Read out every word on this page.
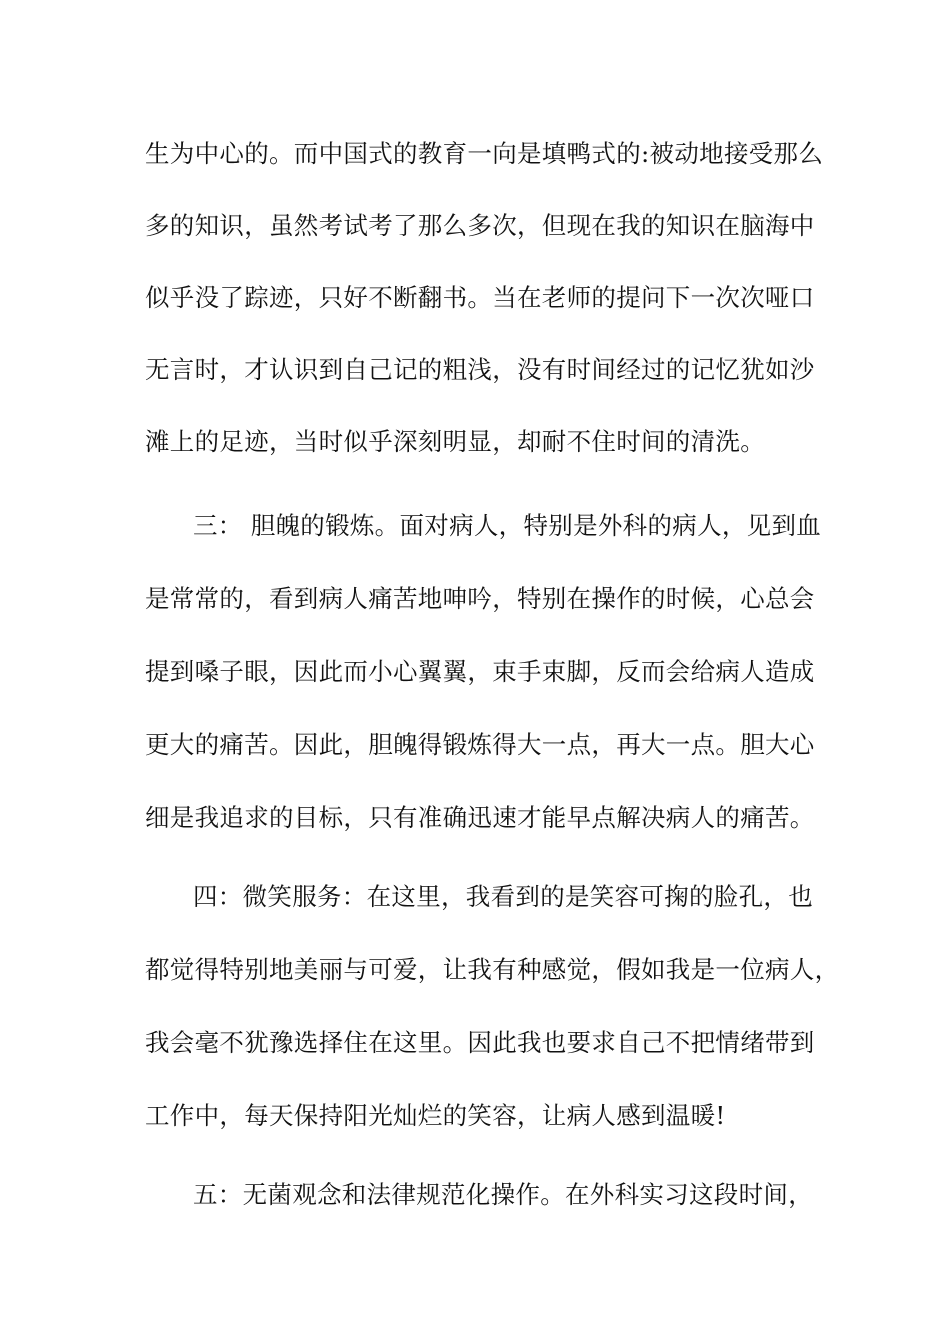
生为中心的。而中国式的教育一向是填鸭式的:被动地接受那么
多的知识，虽然考试考了那么多次，但现在我的知识在脑海中
似乎没了踪迹，只好不断翻书。当在老师的提问下一次次哑口
无言时，才认识到自己记的粗浅，没有时间经过的记忆犹如沙
滩上的足迹，当时似乎深刻明显，却耐不住时间的清洗。
三： 胆魄的锻炼。面对病人，特别是外科的病人，见到血
是常常的，看到病人痛苦地呻吟，特别在操作的时候，心总会
提到嗓子眼，因此而小心翼翼，束手束脚，反而会给病人造成
更大的痛苦。因此，胆魄得锻炼得大一点，再大一点。胆大心
细是我追求的目标，只有准确迅速才能早点解决病人的痛苦。
四：微笑服务：在这里，我看到的是笑容可掬的脸孔，也
都觉得特别地美丽与可爱，让我有种感觉，假如我是一位病人，
我会毫不犹豫选择住在这里。因此我也要求自己不把情绪带到
工作中，每天保持阳光灿烂的笑容，让病人感到温暖!
五：无菌观念和法律规范化操作。在外科实习这段时间，
